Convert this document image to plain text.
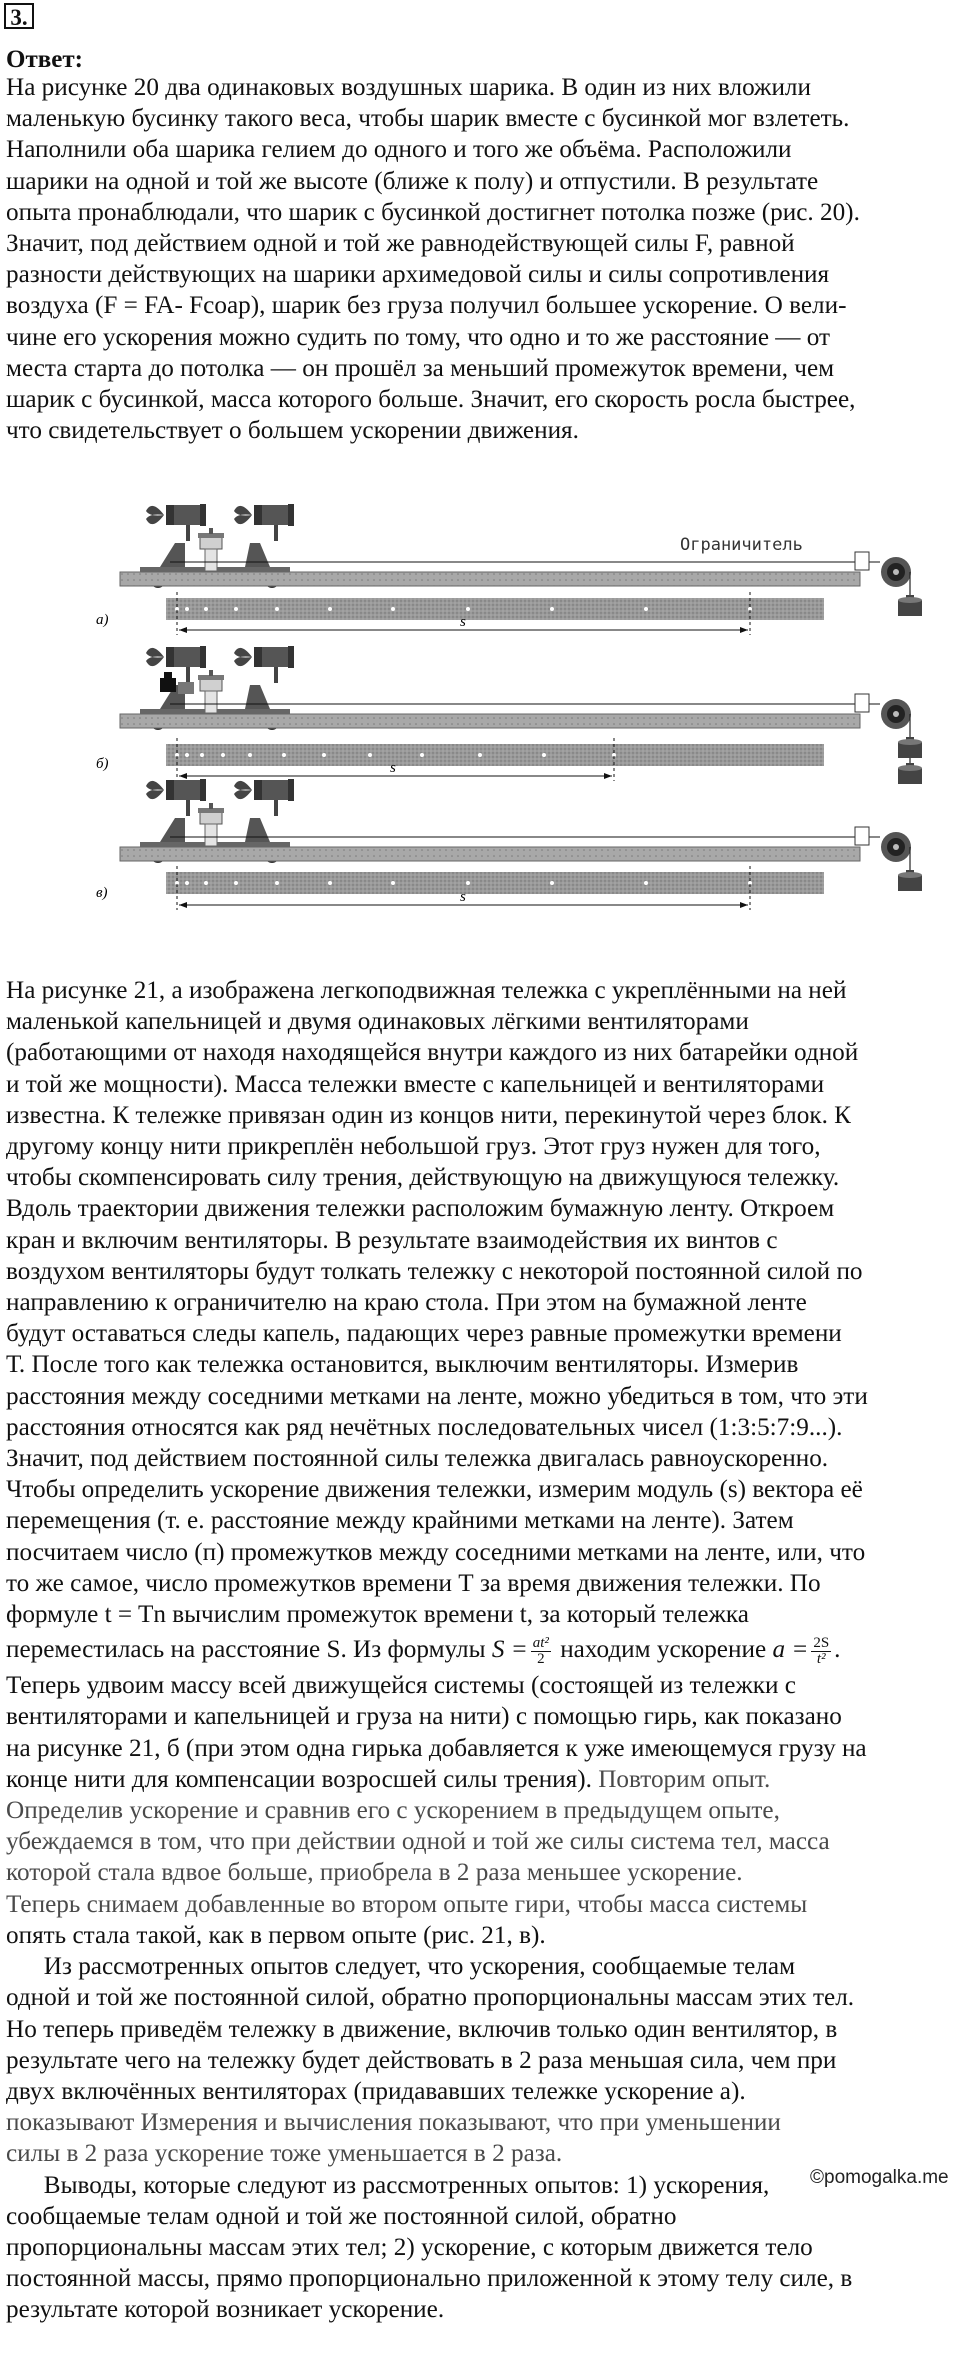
3.
Ответ:
На рисунке 20 два одинаковых воздушных шарика. В один из них вложили
маленькую бусинку такого веса, чтобы шарик вместе с бусинкой мог взлететь.
Наполнили оба шарика гелием до одного и того же объёма. Расположили
шарики на одной и той же высоте (ближе к полу) и отпустили. В результате
опыта пронаблюдали, что шарик с бусинкой достигнет потолка позже (рис. 20).
Значит, под действием одной и той же равнодействующей силы F, равной
разности действующих на шарики архимедовой силы и силы сопротивления
воздуха (F = FA- Fсоар), шарик без груза получил большее ускорение. О вели-
чине его ускорения можно судить по тому, что одно и то же расстояние — от
места старта до потолка — он прошёл за меньший промежуток времени, чем
шарик с бусинкой, масса которого больше. Значит, его скорость росла быстрее,
что свидетельствует о большем ускорении движения.
s
а)
Ограничитель
s
б)
s
в)
На рисунке 21, а изображена легкоподвижная тележка с укреплёнными на ней
маленькой капельницей и двумя одинаковых лёгкими вентиляторами
(работающими от находя находящейся внутри каждого из них батарейки одной
и той же мощности). Масса тележки вместе с капельницей и вентиляторами
известна. К тележке привязан один из концов нити, перекинутой через блок. К
другому концу нити прикреплён небольшой груз. Этот груз нужен для того,
чтобы скомпенсировать силу трения, действующую на движущуюся тележку.
Вдоль траектории движения тележки расположим бумажную ленту. Откроем
кран и включим вентиляторы. В результате взаимодействия их винтов с
воздухом вентиляторы будут толкать тележку с некоторой постоянной силой по
направлению к ограничителю на краю стола. При этом на бумажной ленте
будут оставаться следы капель, падающих через равные промежутки времени
Т. После того как тележка остановится, выключим вентиляторы. Измерив
расстояния между соседними метками на ленте, можно убедиться в том, что эти
расстояния относятся как ряд нечётных последовательных чисел (1:3:5:7:9...).
Значит, под действием постоянной силы тележка двигалась равноускоренно.
Чтобы определить ускорение движения тележки, измерим модуль (s) вектора её
перемещения (т. е. расстояние между крайними метками на ленте). Затем
посчитаем число (п) промежутков между соседними метками на ленте, или, что
то же самое, число промежутков времени Т за время движения тележки. По
формуле t = Tn вычислим промежуток времени t, за который тележка
переместилась на расстояние S. Из формулы $S = \frac{\text{at²}}{2}$ находим ускорение $a = \frac{2S}{\text{t²}}$ .
Теперь удвоим массу всей движущейся системы (состоящей из тележки с
вентиляторами и капельницей и груза на нити) с помощью гирь, как показано
на рисунке 21, б (при этом одна гирька добавляется к уже имеющемуся грузу на
конце нити для компенсации возросшей силы трения). Повторим опыт.
Определив ускорение и сравнив его с ускорением в предыдущем опыте,
убеждаемся в том, что при действии одной и той же силы система тел, масса
которой стала вдвое больше, приобрела в 2 раза меньшее ускорение.
Теперь снимаем добавленные во втором опыте гири, чтобы масса системы
опять стала такой, как в первом опыте (рис. 21, в).
Из рассмотренных опытов следует, что ускорения, сообщаемые телам
одной и той же постоянной силой, обратно пропорциональны массам этих тел.
Но теперь приведём тележку в движение, включив только один вентилятор, в
результате чего на тележку будет действовать в 2 раза меньшая сила, чем при
двух включённых вентиляторах (придававших тележке ускорение а).
показывают Измерения и вычисления показывают, что при уменьшении
силы в 2 раза ускорение тоже уменьшается в 2 раза.
Выводы, которые следуют из рассмотренных опытов: 1) ускорения,
сообщаемые телам одной и той же постоянной силой, обратно
пропорциональны массам этих тел; 2) ускорение, с которым движется тело
постоянной массы, прямо пропорционально приложенной к этому телу силе, в
результате которой возникает ускорение.
©pomogalka.me
